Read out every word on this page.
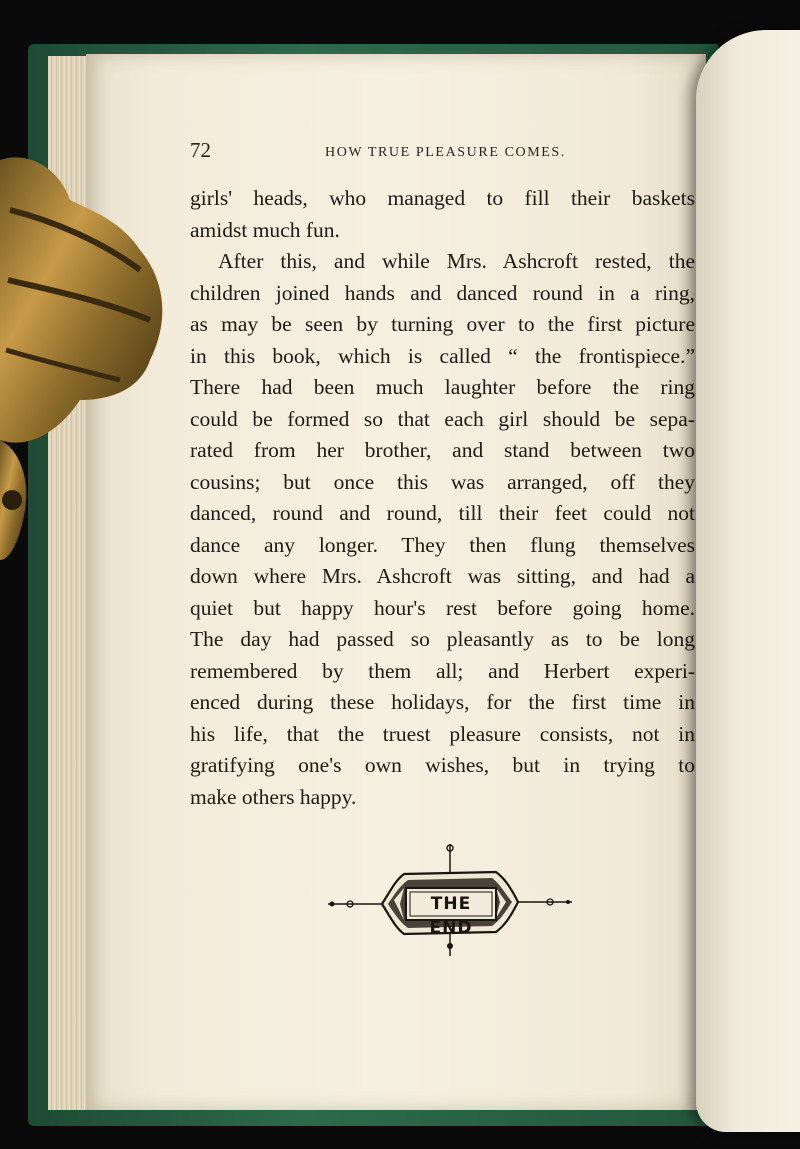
72	HOW TRUE PLEASURE COMES.
girls' heads, who managed to fill their baskets
amidst much fun.
After this, and while Mrs. Ashcroft rested, the
children joined hands and danced round in a ring,
as may be seen by turning over to the first picture
in this book, which is called “ the frontispiece.”
There had been much laughter before the ring
could be formed so that each girl should be sepa-
rated from her brother, and stand between two
cousins; but once this was arranged, off they
danced, round and round, till their feet could not
dance any longer. They then flung themselves
down where Mrs. Ashcroft was sitting, and had a
quiet but happy hour's rest before going home.
The day had passed so pleasantly as to be long
remembered by them all; and Herbert experi-
enced during these holidays, for the first time in
his life, that the truest pleasure consists, not in
gratifying one's own wishes, but in trying to
make others happy.
THE END
